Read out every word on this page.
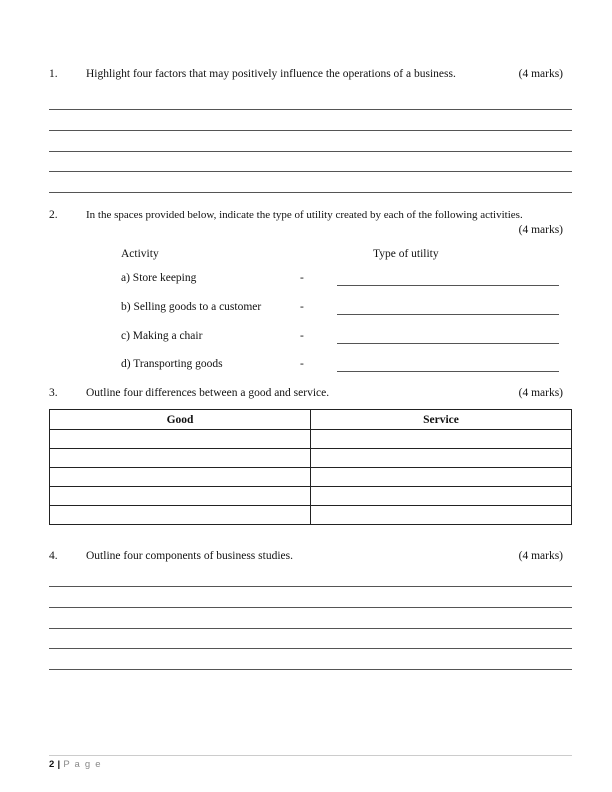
1. Highlight four factors that may positively influence the operations of a business.	(4 marks)
2.	In the spaces provided below, indicate the type of utility created by each of the following activities.
(4 marks)
Activity	Type of utility
a) Store keeping	-
b) Selling goods to a customer	-
c) Making a chair	-
d) Transporting goods	-
3. Outline four differences between a good and service.	(4 marks)
Good	Service

4. Outline four components of business studies.	(4 marks)
2 | P a g e
